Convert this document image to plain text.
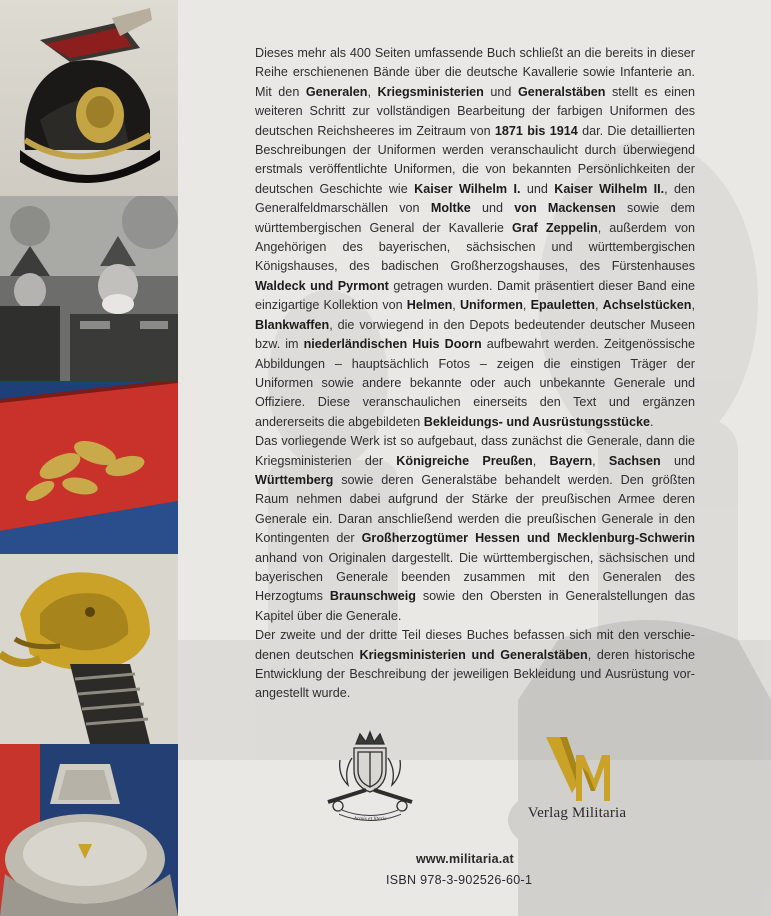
Dieses mehr als 400 Seiten umfassende Buch schließt an die bereits in dieser Reihe erschienenen Bände über die deutsche Kavallerie sowie Infanterie an. Mit den Generalen, Kriegsministerien und Generalstäben stellt es einen weiteren Schritt zur vollständigen Bearbeitung der farbigen Uniformen des deutschen Reichsheeres im Zeitraum von 1871 bis 1914 dar. Die detaillierten Beschreibungen der Uniformen werden veranschaulicht durch überwiegend erstmals veröffentlichte Uniformen, die von bekannten Persönlichkeiten der deutschen Geschichte wie Kaiser Wilhelm I. und Kaiser Wilhelm II., den Generalfeldmarschällen von Moltke und von Mackensen sowie dem württembergischen General der Kavallerie Graf Zeppelin, außerdem von Angehörigen des bayerischen, sächsischen und württembergischen Königshauses, des badischen Großherzogshauses, des Fürstenhauses Waldeck und Pyrmont getragen wurden. Damit präsentiert dieser Band eine einzigartige Kollektion von Helmen, Uniformen, Epauletten, Achselstücken, Blankwaffen, die vorwiegend in den Depots bedeutender deutscher Museen bzw. im niederländischen Huis Doorn aufbewahrt werden. Zeitgenössische Abbildungen – hauptsächlich Fotos – zeigen die einstigen Träger der Uniformen sowie andere bekannte oder auch unbekannte Generale und Offiziere. Diese veranschaulichen einerseits den Text und ergänzen andererseits die abgebildeten Bekleidungs- und Ausrüstungsstücke.

Das vorliegende Werk ist so aufgebaut, dass zunächst die Generale, dann die Kriegsministerien der Königreiche Preußen, Bayern, Sachsen und Württemberg sowie deren Generalstäbe behandelt werden. Den größten Raum nehmen dabei aufgrund der Stärke der preußischen Armee deren Generale ein. Daran anschließend werden die preußischen Generale in den Kontingenten der Großherzogtümer Hessen und Mecklenburg-Schwerin anhand von Originalen dargestellt. Die württembergischen, sächsischen und bayerischen Generale beenden zusammen mit den Generalen des Herzogtums Braunschweig sowie den Obersten in Generalstellungen das Kapitel über die Generale.

Der zweite und der dritte Teil dieses Buches befassen sich mit den verschiedenen deutschen Kriegsministerien und Generalstäben, deren historische Entwicklung der Beschreibung der jeweiligen Bekleidung und Ausrüstung vorangestellt wurde.

Armis et literis	Verlag Militaria
www.militaria.at
ISBN 978-3-902526-60-1
